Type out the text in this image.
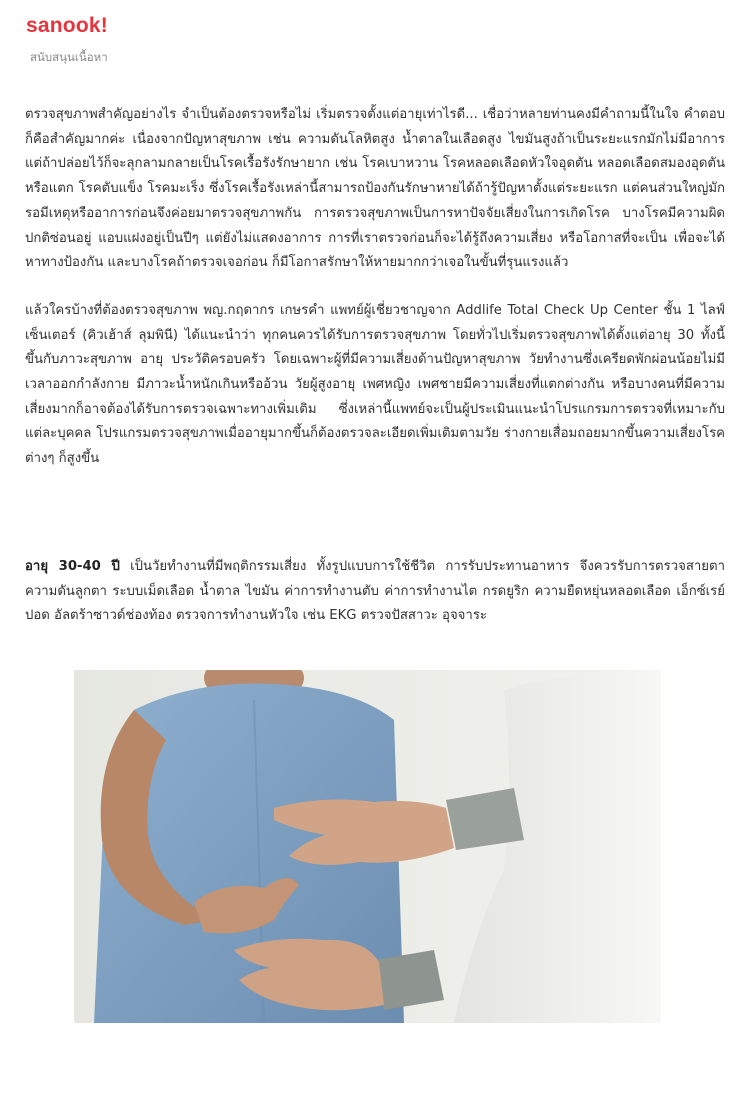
sanook!
สนับสนุนเนื้อหา

ตรวจสุขภาพสำคัญอย่างไร จำเป็นต้องตรวจหรือไม่ เริ่มตรวจตั้งแต่อายุเท่าไรดี... เชื่อว่าหลายท่านคงมีคำถามนี้ในใจ คำตอบก็คือสำคัญมากค่ะ เนื่องจากปัญหาสุขภาพ เช่น ความดันโลหิตสูง น้ำตาลในเลือดสูง ไขมันสูงถ้าเป็นระยะแรกมักไม่มีอาการแต่ถ้าปล่อยไว้ก็จะลุกลามกลายเป็นโรคเรื้อรังรักษายาก เช่น โรคเบาหวาน โรคหลอดเลือดหัวใจอุดตัน หลอดเลือดสมองอุดตันหรือแตก โรคตับแข็ง โรคมะเร็ง ซึ่งโรคเรื้อรังเหล่านี้สามารถป้องกันรักษาหายได้ถ้ารู้ปัญหาตั้งแต่ระยะแรก แต่คนส่วนใหญ่มักรอมีเหตุหรืออาการก่อนจึงค่อยมาตรวจสุขภาพกัน การตรวจสุขภาพเป็นการหาปัจจัยเสี่ยงในการเกิดโรค บางโรคมีความผิดปกติซ่อนอยู่ แอบแฝงอยู่เป็นปีๆ แต่ยังไม่แสดงอาการ การที่เราตรวจก่อนก็จะได้รู้ถึงความเสี่ยง หรือโอกาสที่จะเป็น เพื่อจะได้หาทางป้องกัน และบางโรคถ้าตรวจเจอก่อน ก็มีโอกาสรักษาให้หายมากกว่าเจอในขั้นที่รุนแรงแล้ว

แล้วใครบ้างที่ต้องตรวจสุขภาพ พญ.กฤดากร เกษรคำ แพทย์ผู้เชี่ยวชาญจาก Addlife Total Check Up Center ชั้น 1 ไลฟ์เซ็นเตอร์ (คิวเฮ้าส์ ลุมพินี) ได้แนะนำว่า ทุกคนควรได้รับการตรวจสุขภาพ โดยทั่วไปเริ่มตรวจสุขภาพได้ตั้งแต่อายุ 30 ทั้งนี้ขึ้นกับภาวะสุขภาพ อายุ ประวัติครอบครัว โดยเฉพาะผู้ที่มีความเสี่ยงด้านปัญหาสุขภาพ วัยทำงานซึ่งเครียดพักผ่อนน้อยไม่มีเวลาออกกำลังกาย มีภาวะน้ำหนักเกินหรืออ้วน วัยผู้สูงอายุ เพศหญิง เพศชายมีความเสี่ยงที่แตกต่างกัน หรือบางคนที่มีความเสี่ยงมากก็อาจต้องได้รับการตรวจเฉพาะทางเพิ่มเติม ซึ่งเหล่านี้แพทย์จะเป็นผู้ประเมินแนะนำโปรแกรมการตรวจที่เหมาะกับแต่ละบุคคล โปรแกรมตรวจสุขภาพเมื่ออายุมากขึ้นก็ต้องตรวจละเอียดเพิ่มเติมตามวัย ร่างกายเสื่อมถอยมากขึ้นความเสี่ยงโรคต่างๆ ก็สูงขึ้น

อายุ 30-40 ปี เป็นวัยทำงานที่มีพฤติกรรมเสี่ยง ทั้งรูปแบบการใช้ชีวิต การรับประทานอาหาร จึงควรรับการตรวจสายตา ความดันลูกตา ระบบเม็ดเลือด น้ำตาล ไขมัน ค่าการทำงานตับ ค่าการทำงานไต กรดยูริก ความยืดหยุ่นหลอดเลือด เอ็กซ์เรย์ปอด อัลตร้าซาวด์ช่องท้อง ตรวจการทำงานหัวใจ เช่น EKG ตรวจปัสสาวะ อุจจาระ
